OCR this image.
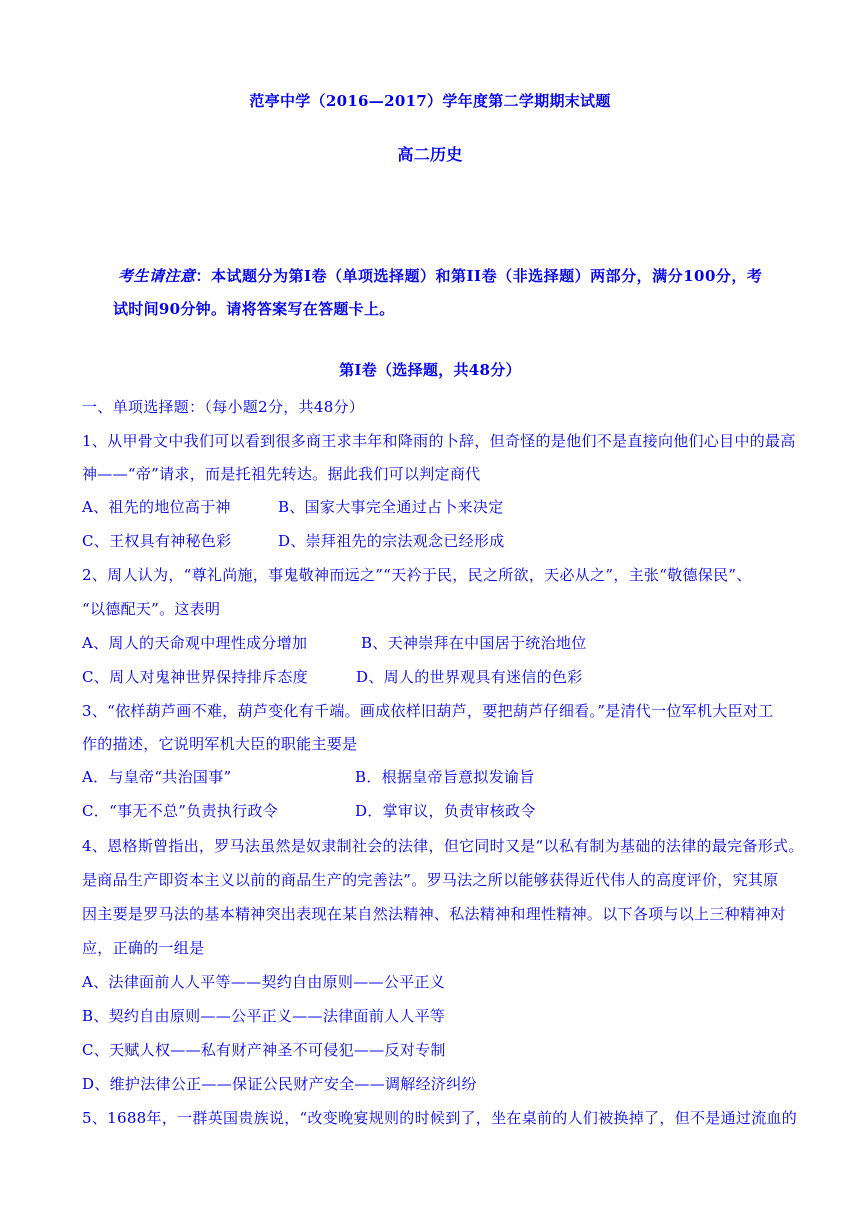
范亭中学（2016—2017）学年度第二学期期末试题
高二历史
考生请注意：本试题分为第Ⅰ卷（单项选择题）和第II卷（非选择题）两部分，满分100分，考
试时间90分钟。请将答案写在答题卡上。
第Ⅰ卷（选择题，共48分）
一、单项选择题：（每小题2分，共48分）
1、从甲骨文中我们可以看到很多商王求丰年和降雨的卜辞，但奇怪的是他们不是直接向他们心目中的最高
神——“帝”请求，而是托祖先转达。据此我们可以判定商代
A、祖先的地位高于神	B、国家大事完全通过占卜来决定
C、王权具有神秘色彩	D、崇拜祖先的宗法观念已经形成
2、周人认为，“尊礼尚施，事鬼敬神而远之”“天衿于民，民之所欲，天必从之”，主张“敬德保民”、
“以德配天”。这表明
A、周人的天命观中理性成分增加	B、天神崇拜在中国居于统治地位
C、周人对鬼神世界保持排斥态度	D、周人的世界观具有迷信的色彩
3、“依样葫芦画不难，葫芦变化有千端。画成依样旧葫芦，要把葫芦仔细看。”是清代一位军机大臣对工
作的描述，它说明军机大臣的职能主要是
A．与皇帝“共治国事”	B．根据皇帝旨意拟发谕旨
C．“事无不总”负责执行政令	D．掌审议，负责审核政令
4、恩格斯曾指出，罗马法虽然是奴隶制社会的法律，但它同时又是“以私有制为基础的法律的最完备形式。
是商品生产即资本主义以前的商品生产的完善法”。罗马法之所以能够获得近代伟人的高度评价，究其原
因主要是罗马法的基本精神突出表现在某自然法精神、私法精神和理性精神。以下各项与以上三种精神对
应，正确的一组是
A、法律面前人人平等——契约自由原则——公平正义
B、契约自由原则——公平正义——法律面前人人平等
C、天赋人权——私有财产神圣不可侵犯——反对专制
D、维护法律公正——保证公民财产安全——调解经济纠纷
5、1688年，一群英国贵族说，“改变晚宴规则的时候到了，坐在桌前的人们被换掉了，但不是通过流血的
